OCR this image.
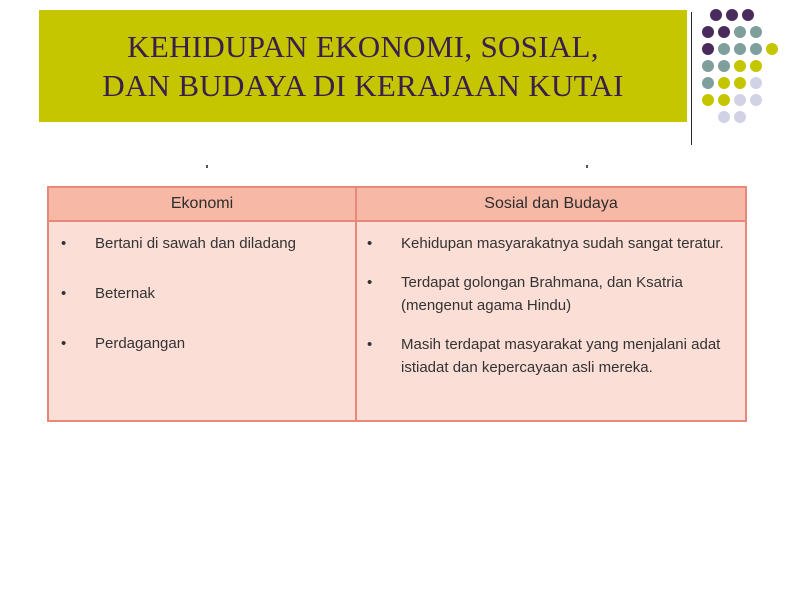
KEHIDUPAN EKONOMI, SOSIAL,
DAN BUDAYA DI KERAJAAN KUTAI
Ekonomi	Sosial dan Budaya
• Bertani di sawah dan diladang
• Beternak
• Perdagangan
• Kehidupan masyarakatnya sudah sangat teratur.
• Terdapat golongan Brahmana, dan Ksatria (mengenut agama Hindu)
• Masih terdapat masyarakat yang menjalani adat istiadat dan kepercayaan asli mereka.
